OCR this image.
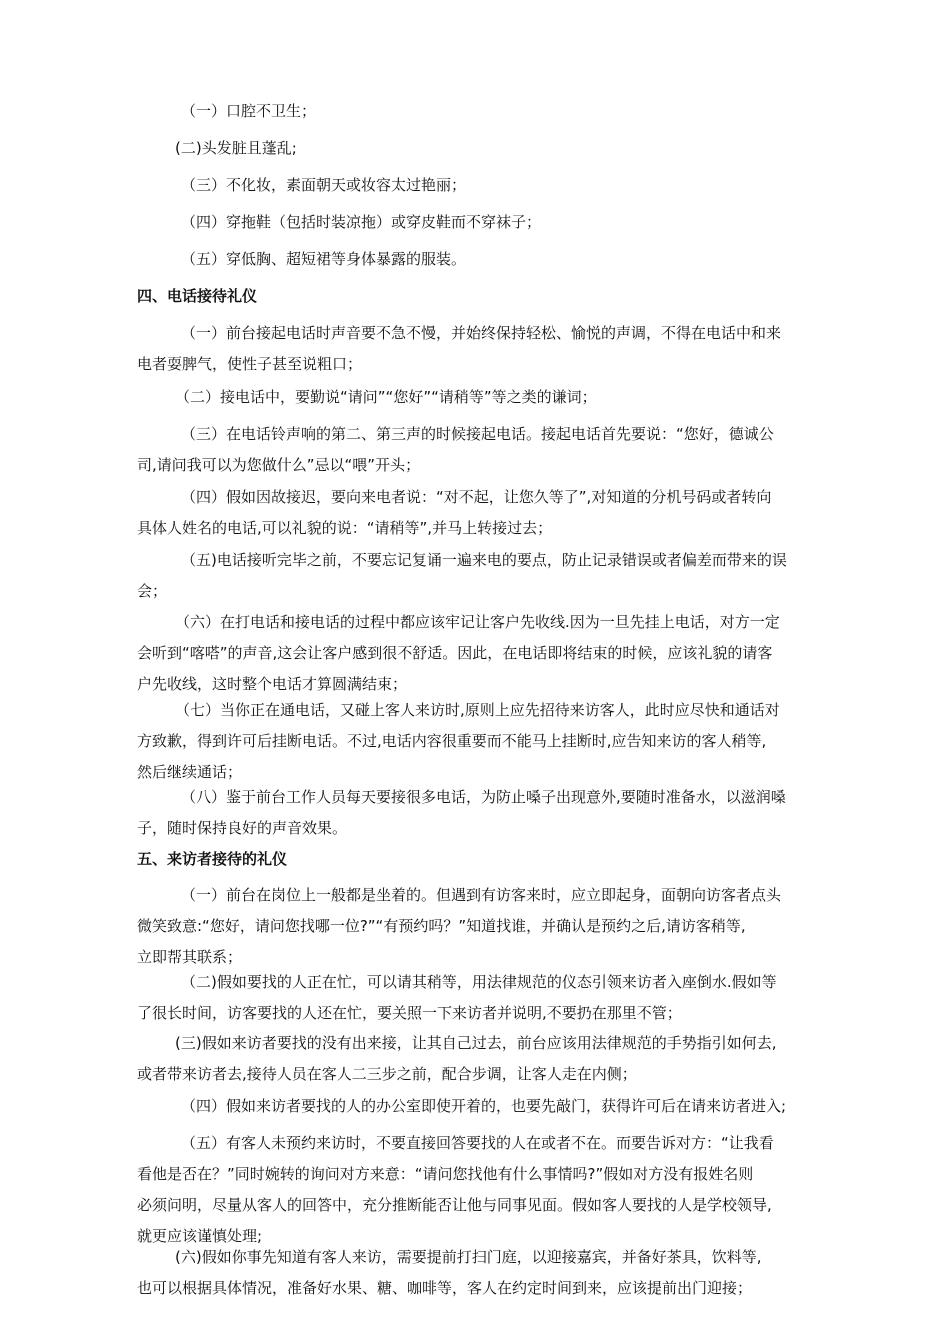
（一）口腔不卫生；

(二)头发脏且蓬乱;

（三）不化妆，素面朝天或妆容太过艳丽；

（四）穿拖鞋（包括时装凉拖）或穿皮鞋而不穿袜子；

（五）穿低胸、超短裙等身体暴露的服装。

四、电话接待礼仪

（一）前台接起电话时声音要不急不慢，并始终保持轻松、愉悦的声调，不得在电话中和来
电者耍脾气，使性子甚至说粗口；

（二）接电话中，要勤说“请问”“您好”“请稍等”等之类的谦词；

（三）在电话铃声响的第二、第三声的时候接起电话。接起电话首先要说：“您好，德诚公
司,请问我可以为您做什么”忌以“喂”开头；

（四）假如因故接迟，要向来电者说：“对不起，让您久等了”,对知道的分机号码或者转向
具体人姓名的电话,可以礼貌的说：“请稍等”,并马上转接过去；

（五)电话接听完毕之前，不要忘记复诵一遍来电的要点，防止记录错误或者偏差而带来的误
会；

（六）在打电话和接电话的过程中都应该牢记让客户先收线.因为一旦先挂上电话，对方一定
会听到“喀嗒”的声音,这会让客户感到很不舒适。因此，在电话即将结束的时候，应该礼貌的请客
户先收线，这时整个电话才算圆满结束；

（七）当你正在通电话，又碰上客人来访时,原则上应先招待来访客人，此时应尽快和通话对
方致歉，得到许可后挂断电话。不过,电话内容很重要而不能马上挂断时,应告知来访的客人稍等,
然后继续通话；

（八）鉴于前台工作人员每天要接很多电话，为防止嗓子出现意外,要随时准备水，以滋润嗓
子，随时保持良好的声音效果。

五、来访者接待的礼仪

（一）前台在岗位上一般都是坐着的。但遇到有访客来时，应立即起身，面朝向访客者点头
微笑致意:“您好，请问您找哪一位?”“有预约吗？”知道找谁，并确认是预约之后,请访客稍等,
立即帮其联系；

（二)假如要找的人正在忙，可以请其稍等，用法律规范的仪态引领来访者入座倒水.假如等
了很长时间，访客要找的人还在忙，要关照一下来访者并说明,不要扔在那里不管；

(三)假如来访者要找的没有出来接，让其自己过去，前台应该用法律规范的手势指引如何去,
或者带来访者去,接待人员在客人二三步之前，配合步调，让客人走在内侧；

（四）假如来访者要找的人的办公室即使开着的，也要先敲门，获得许可后在请来访者进入;

（五）有客人未预约来访时，不要直接回答要找的人在或者不在。而要告诉对方：“让我看
看他是否在？”同时婉转的询问对方来意：“请问您找他有什么事情吗?”假如对方没有报姓名则
必须问明，尽量从客人的回答中，充分推断能否让他与同事见面。假如客人要找的人是学校领导,
就更应该谨慎处理;

(六)假如你事先知道有客人来访，需要提前打扫门庭，以迎接嘉宾，并备好茶具，饮料等,
也可以根据具体情况，准备好水果、糖、咖啡等，客人在约定时间到来，应该提前出门迎接；
